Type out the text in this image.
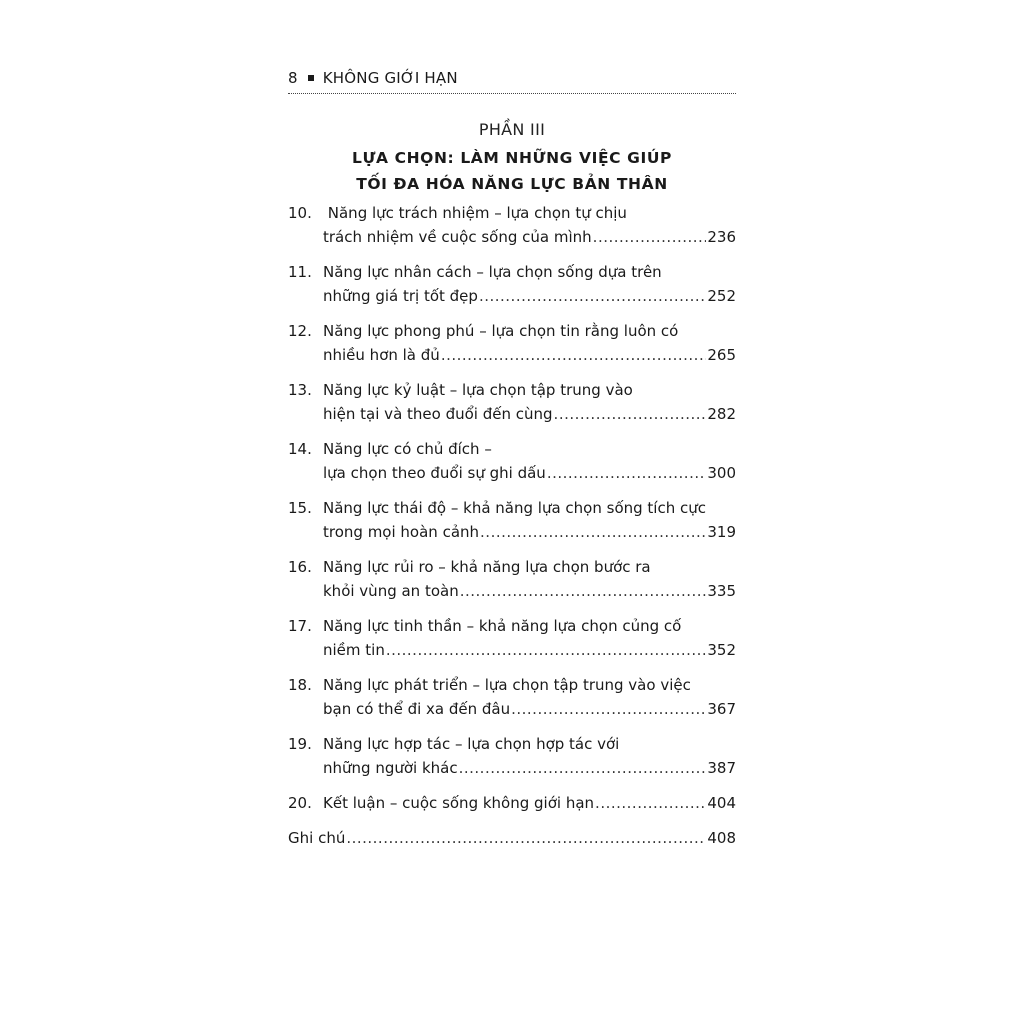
8 KHÔNG GIỚI HẠN
PHẦN III
LỰA CHỌN: LÀM NHỮNG VIỆC GIÚP
TỐI ĐA HÓA NĂNG LỰC BẢN THÂN
10. Năng lực trách nhiệm – lựa chọn tự chịu
trách nhiệm về cuộc sống của mình .....	236
11. Năng lực nhân cách – lựa chọn sống dựa trên
những giá trị tốt đẹp .....	252
12. Năng lực phong phú – lựa chọn tin rằng luôn có
nhiều hơn là đủ .....	265
13. Năng lực kỷ luật – lựa chọn tập trung vào
hiện tại và theo đuổi đến cùng .....	282
14. Năng lực có chủ đích –
lựa chọn theo đuổi sự ghi dấu .....	300
15. Năng lực thái độ – khả năng lựa chọn sống tích cực
trong mọi hoàn cảnh .....	319
16. Năng lực rủi ro – khả năng lựa chọn bước ra
khỏi vùng an toàn .....	335
17. Năng lực tinh thần – khả năng lựa chọn củng cố
niềm tin .....	352
18. Năng lực phát triển – lựa chọn tập trung vào việc
bạn có thể đi xa đến đâu .....	367
19. Năng lực hợp tác – lựa chọn hợp tác với
những người khác .....	387
20. Kết luận – cuộc sống không giới hạn .....	404
Ghi chú .....	408
